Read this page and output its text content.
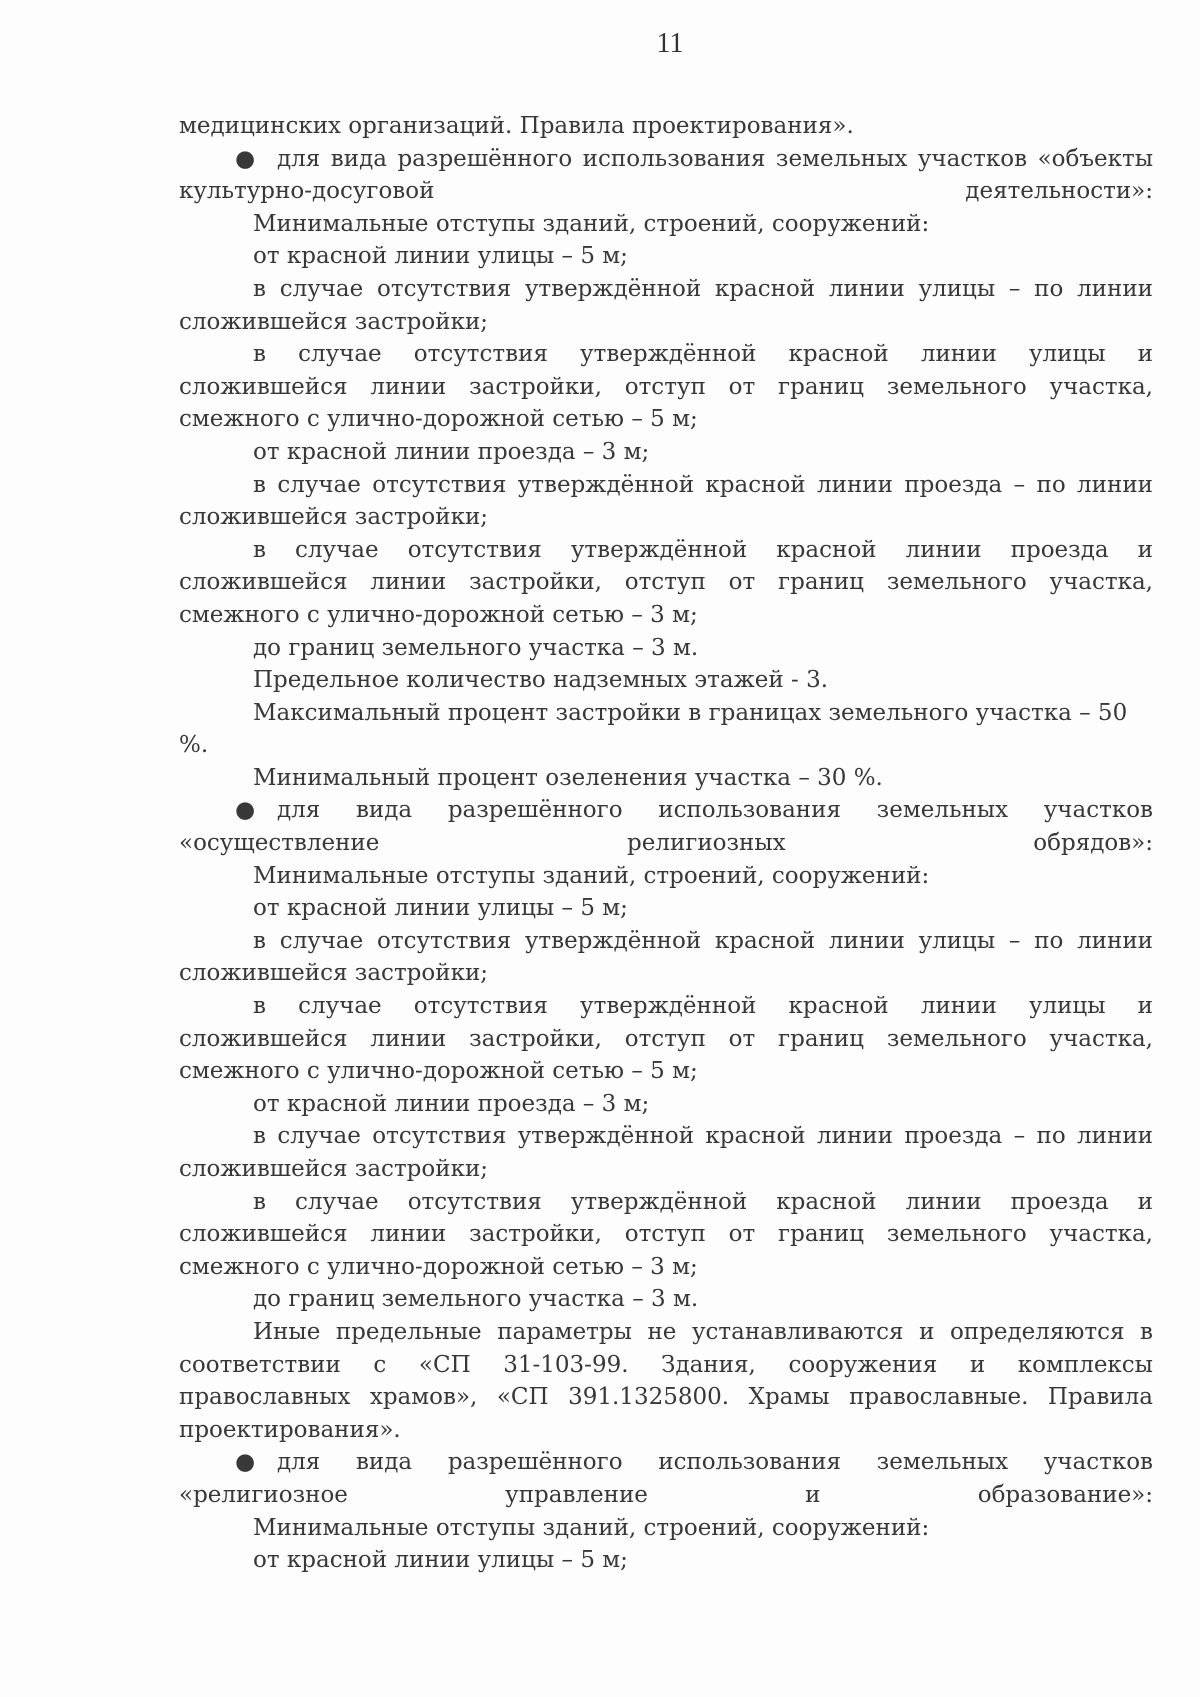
11

медицинских организаций. Правила проектирования».

● для вида разрешённого использования земельных участков «объекты культурно-досуговой деятельности»:

Минимальные отступы зданий, строений, сооружений:

от красной линии улицы – 5 м;

в случае отсутствия утверждённой красной линии улицы – по линии сложившейся застройки;

в случае отсутствия утверждённой красной линии улицы и сложившейся линии застройки, отступ от границ земельного участка, смежного с улично-дорожной сетью – 5 м;

от красной линии проезда – 3 м;

в случае отсутствия утверждённой красной линии проезда – по линии сложившейся застройки;

в случае отсутствия утверждённой красной линии проезда и сложившейся линии застройки, отступ от границ земельного участка, смежного с улично-дорожной сетью – 3 м;

до границ земельного участка – 3 м.

Предельное количество надземных этажей - 3.

Максимальный процент застройки в границах земельного участка – 50 %.

Минимальный процент озеленения участка – 30 %.

● для вида разрешённого использования земельных участков «осуществление религиозных обрядов»:

Минимальные отступы зданий, строений, сооружений:

от красной линии улицы – 5 м;

в случае отсутствия утверждённой красной линии улицы – по линии сложившейся застройки;

в случае отсутствия утверждённой красной линии улицы и сложившейся линии застройки, отступ от границ земельного участка, смежного с улично-дорожной сетью – 5 м;

от красной линии проезда – 3 м;

в случае отсутствия утверждённой красной линии проезда – по линии сложившейся застройки;

в случае отсутствия утверждённой красной линии проезда и сложившейся линии застройки, отступ от границ земельного участка, смежного с улично-дорожной сетью – 3 м;

до границ земельного участка – 3 м.

Иные предельные параметры не устанавливаются и определяются в соответствии с «СП 31-103-99. Здания, сооружения и комплексы православных храмов», «СП 391.1325800. Храмы православные. Правила проектирования».

● для вида разрешённого использования земельных участков «религиозное управление и образование»:

Минимальные отступы зданий, строений, сооружений:

от красной линии улицы – 5 м;
